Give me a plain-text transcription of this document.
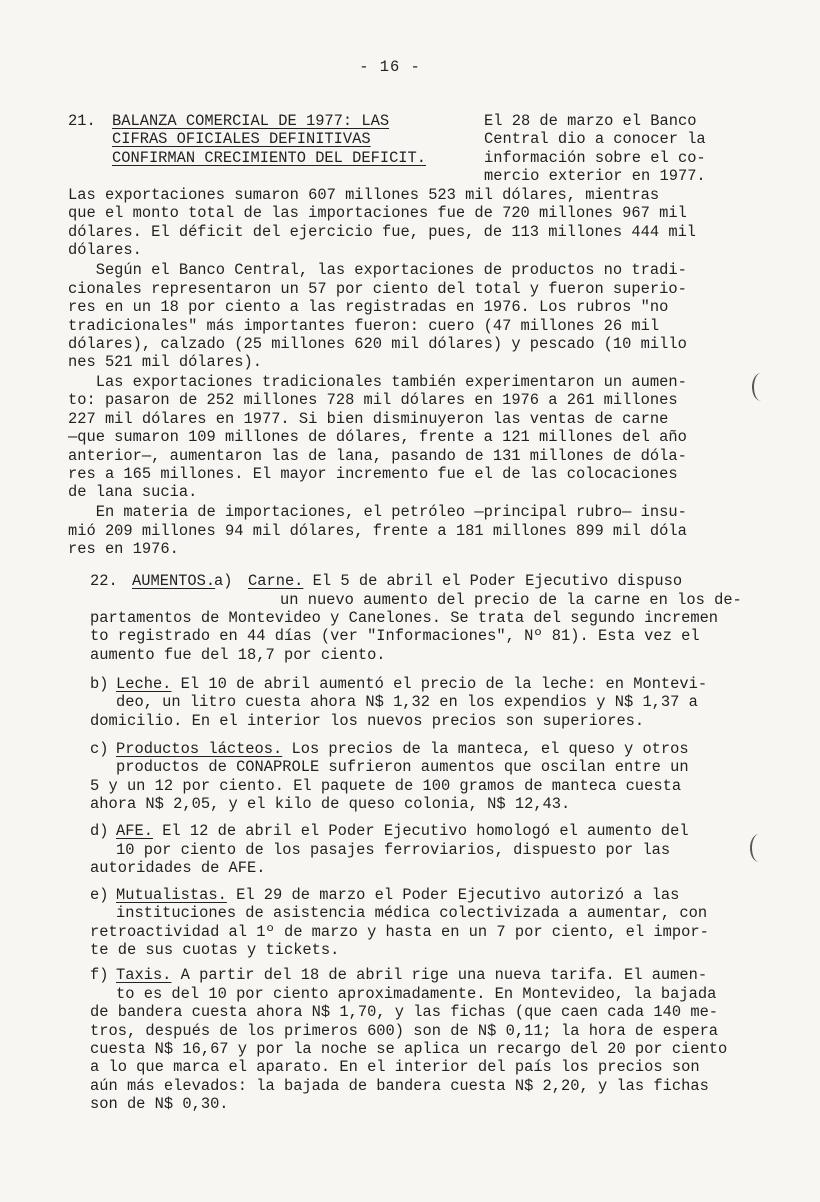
- 16 -
21. BALANZA COMERCIAL DE 1977: LAS
CIFRAS OFICIALES DEFINITIVAS
CONFIRMAN CRECIMIENTO DEL DEFICIT.
El 28 de marzo el Banco
Central dio a conocer la
información sobre el co-
mercio exterior en 1977.
Las exportaciones sumaron 607 millones 523 mil dólares, mientras
que el monto total de las importaciones fue de 720 millones 967 mil
dólares. El déficit del ejercicio fue, pues, de 113 millones 444 mil
dólares.
Según el Banco Central, las exportaciones de productos no tradi-
cionales representaron un 57 por ciento del total y fueron superio-
res en un 18 por ciento a las registradas en 1976. Los rubros "no
tradicionales" más importantes fueron: cuero (47 millones 26 mil
dólares), calzado (25 millones 620 mil dólares) y pescado (10 millo
nes 521 mil dólares).
Las exportaciones tradicionales también experimentaron un aumen-
to: pasaron de 252 millones 728 mil dólares en 1976 a 261 millones
227 mil dólares en 1977. Si bien disminuyeron las ventas de carne
—que sumaron 109 millones de dólares, frente a 121 millones del año
anterior—, aumentaron las de lana, pasando de 131 millones de dóla-
res a 165 millones. El mayor incremento fue el de las colocaciones
de lana sucia.
En materia de importaciones, el petróleo —principal rubro— insu-
mió 209 millones 94 mil dólares, frente a 181 millones 899 mil dóla
res en 1976.
22. AUMENTOS.
a) Carne. El 5 de abril el Poder Ejecutivo dispuso
un nuevo aumento del precio de la carne en los de-
partamentos de Montevideo y Canelones. Se trata del segundo incremen
to registrado en 44 días (ver "Informaciones", Nº 81). Esta vez el
aumento fue del 18,7 por ciento.
b) Leche. El 10 de abril aumentó el precio de la leche: en Montevi-
deo, un litro cuesta ahora N$ 1,32 en los expendios y N$ 1,37 a
domicilio. En el interior los nuevos precios son superiores.
c) Productos lácteos. Los precios de la manteca, el queso y otros
productos de CONAPROLE sufrieron aumentos que oscilan entre un
5 y un 12 por ciento. El paquete de 100 gramos de manteca cuesta
ahora N$ 2,05, y el kilo de queso colonia, N$ 12,43.
d) AFE. El 12 de abril el Poder Ejecutivo homologó el aumento del
10 por ciento de los pasajes ferroviarios, dispuesto por las
autoridades de AFE.
e) Mutualistas. El 29 de marzo el Poder Ejecutivo autorizó a las
instituciones de asistencia médica colectivizada a aumentar, con
retroactividad al 1º de marzo y hasta en un 7 por ciento, el impor-
te de sus cuotas y tickets.
f) Taxis. A partir del 18 de abril rige una nueva tarifa. El aumen-
to es del 10 por ciento aproximadamente. En Montevideo, la bajada
de bandera cuesta ahora N$ 1,70, y las fichas (que caen cada 140 me-
tros, después de los primeros 600) son de N$ 0,11; la hora de espera
cuesta N$ 16,67 y por la noche se aplica un recargo del 20 por ciento
a lo que marca el aparato. En el interior del país los precios son
aún más elevados: la bajada de bandera cuesta N$ 2,20, y las fichas
son de N$ 0,30.
